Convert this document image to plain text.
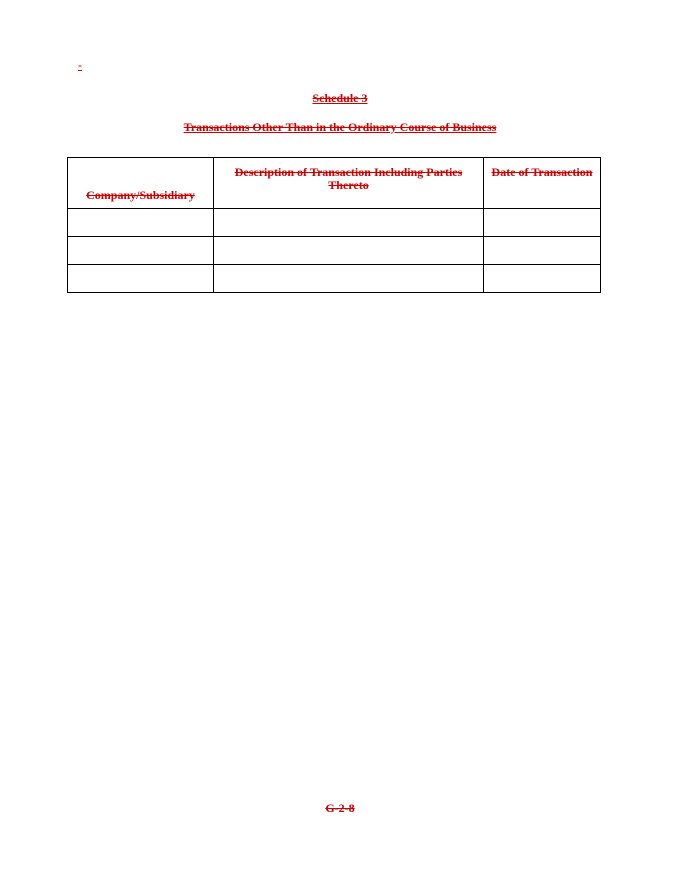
-
Schedule 3
Transactions Other Than in the Ordinary Course of Business
Company/Subsidiary	Description of Transaction Including Parties Thereto	Date of Transaction

G-2-8
